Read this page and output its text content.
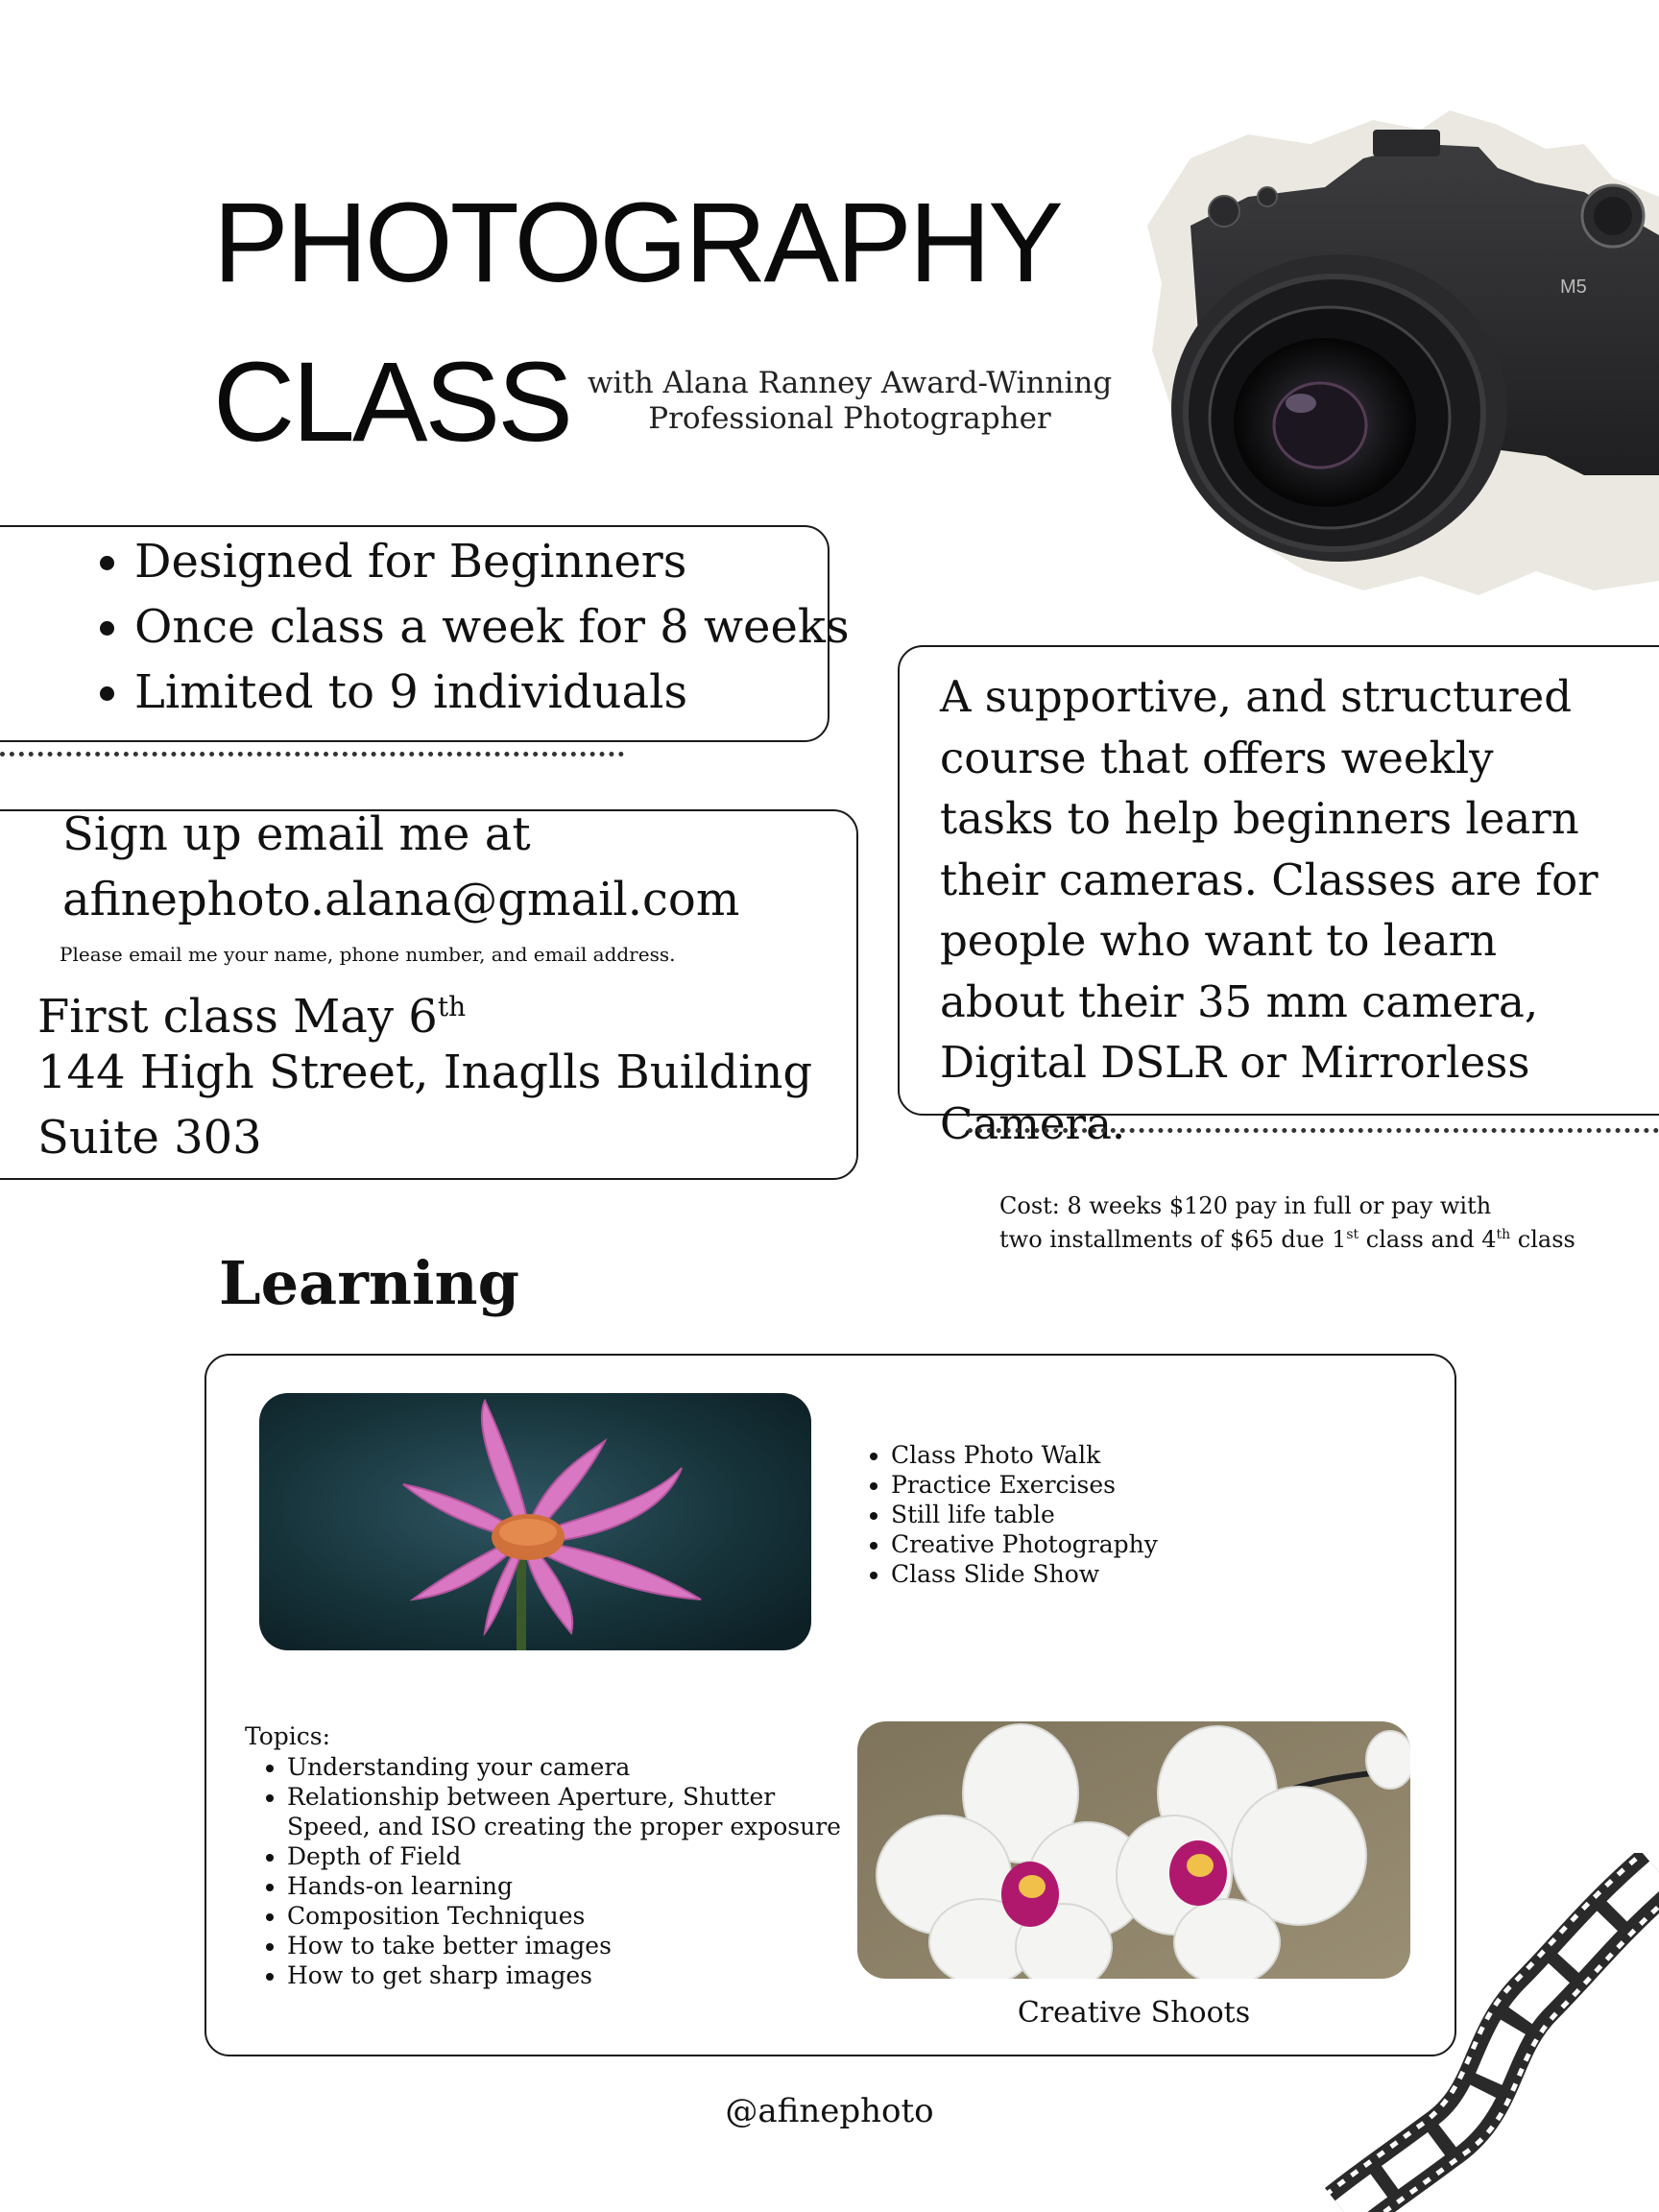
PHOTOGRAPHY
CLASS with Alana Ranney Award-Winning
Professional Photographer
M5
• Designed for Beginners
• Once class a week for 8 weeks
• Limited to 9 individuals	A supportive, and structured course that offers weekly tasks to help beginners learn their cameras. Classes are for people who want to learn about their 35 mm camera, Digital DSLR or Mirrorless Camera.
Sign up email me at
afinephoto.alana@gmail.com
Please email me your name, phone number, and email address.
First class May 6th
144 High Street, Inaglls Building
Suite 303
Cost: 8 weeks $120 pay in full or pay with
two installments of $65 due 1st class and 4th class
Learning
• Class Photo Walk
• Practice Exercises
• Still life table
• Creative Photography
• Class Slide Show
Topics:
• Understanding your camera
• Relationship between Aperture, Shutter
Speed, and ISO creating the proper exposure
• Depth of Field
• Hands-on learning
• Composition Techniques
• How to take better images
• How to get sharp images
Creative Shoots
@afinephoto
